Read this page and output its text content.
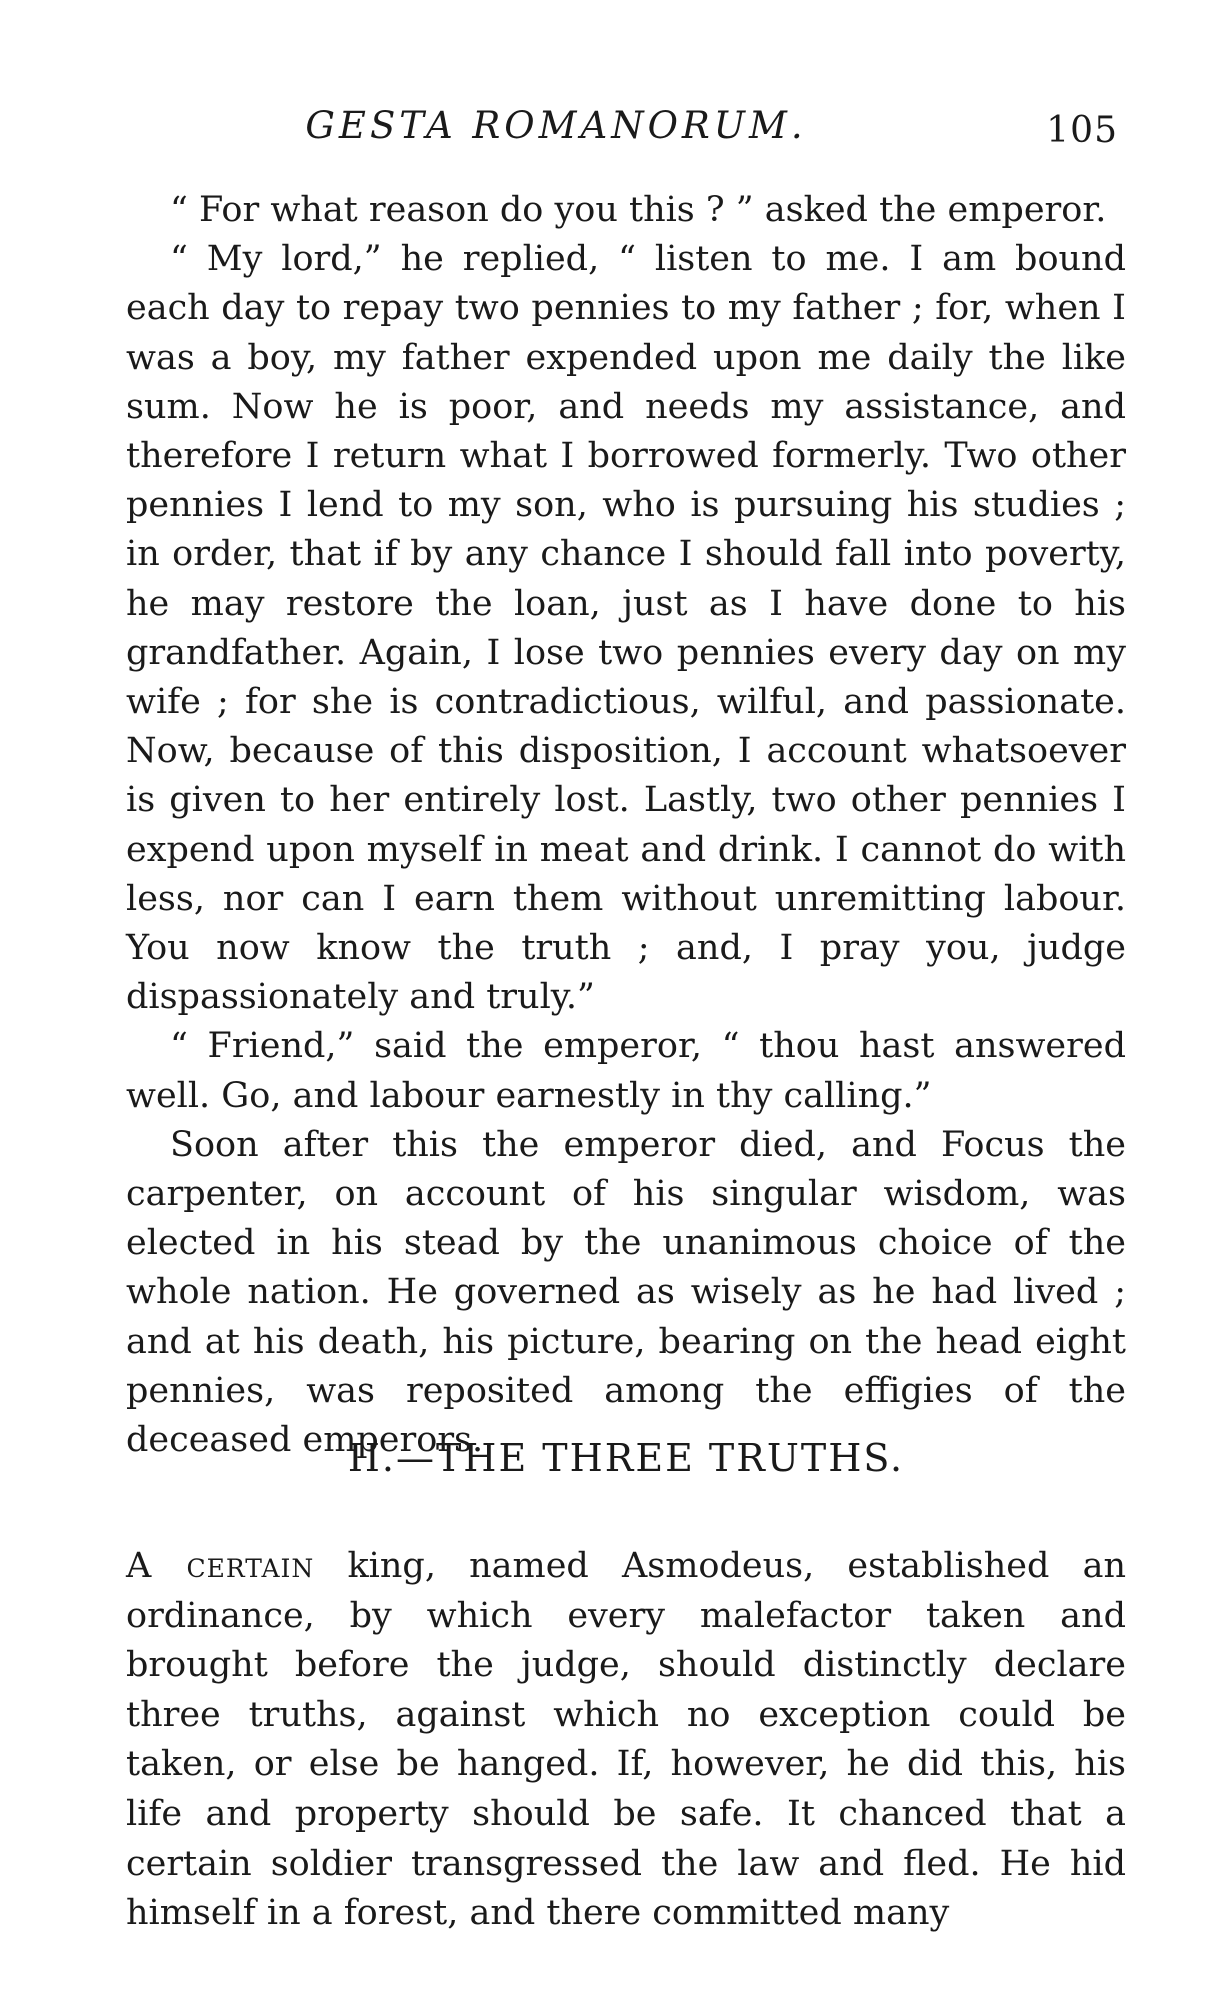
GESTA ROMANORUM.	105

“ For what reason do you this ? ” asked the emperor.

“ My lord,” he replied, “ listen to me. I am bound each day to repay two pennies to my father ; for, when I was a boy, my father expended upon me daily the like sum. Now he is poor, and needs my assistance, and therefore I return what I borrowed formerly. Two other pennies I lend to my son, who is pursuing his studies ; in order, that if by any chance I should fall into poverty, he may restore the loan, just as I have done to his grandfather. Again, I lose two pennies every day on my wife ; for she is contradictious, wilful, and passionate. Now, because of this disposition, I account whatsoever is given to her entirely lost. Lastly, two other pennies I expend upon myself in meat and drink. I cannot do with less, nor can I earn them without unremitting labour. You now know the truth ; and, I pray you, judge dispassionately and truly.”

“ Friend,” said the emperor, “ thou hast answered well. Go, and labour earnestly in thy calling.”

Soon after this the emperor died, and Focus the carpenter, on account of his singular wisdom, was elected in his stead by the unanimous choice of the whole nation. He governed as wisely as he had lived ; and at his death, his picture, bearing on the head eight pennies, was reposited among the effigies of the deceased emperors.

II.—THE THREE TRUTHS.

A certain king, named Asmodeus, established an ordinance, by which every malefactor taken and brought before the judge, should distinctly declare three truths, against which no exception could be taken, or else be hanged. If, however, he did this, his life and property should be safe. It chanced that a certain soldier transgressed the law and fled. He hid himself in a forest, and there committed many
